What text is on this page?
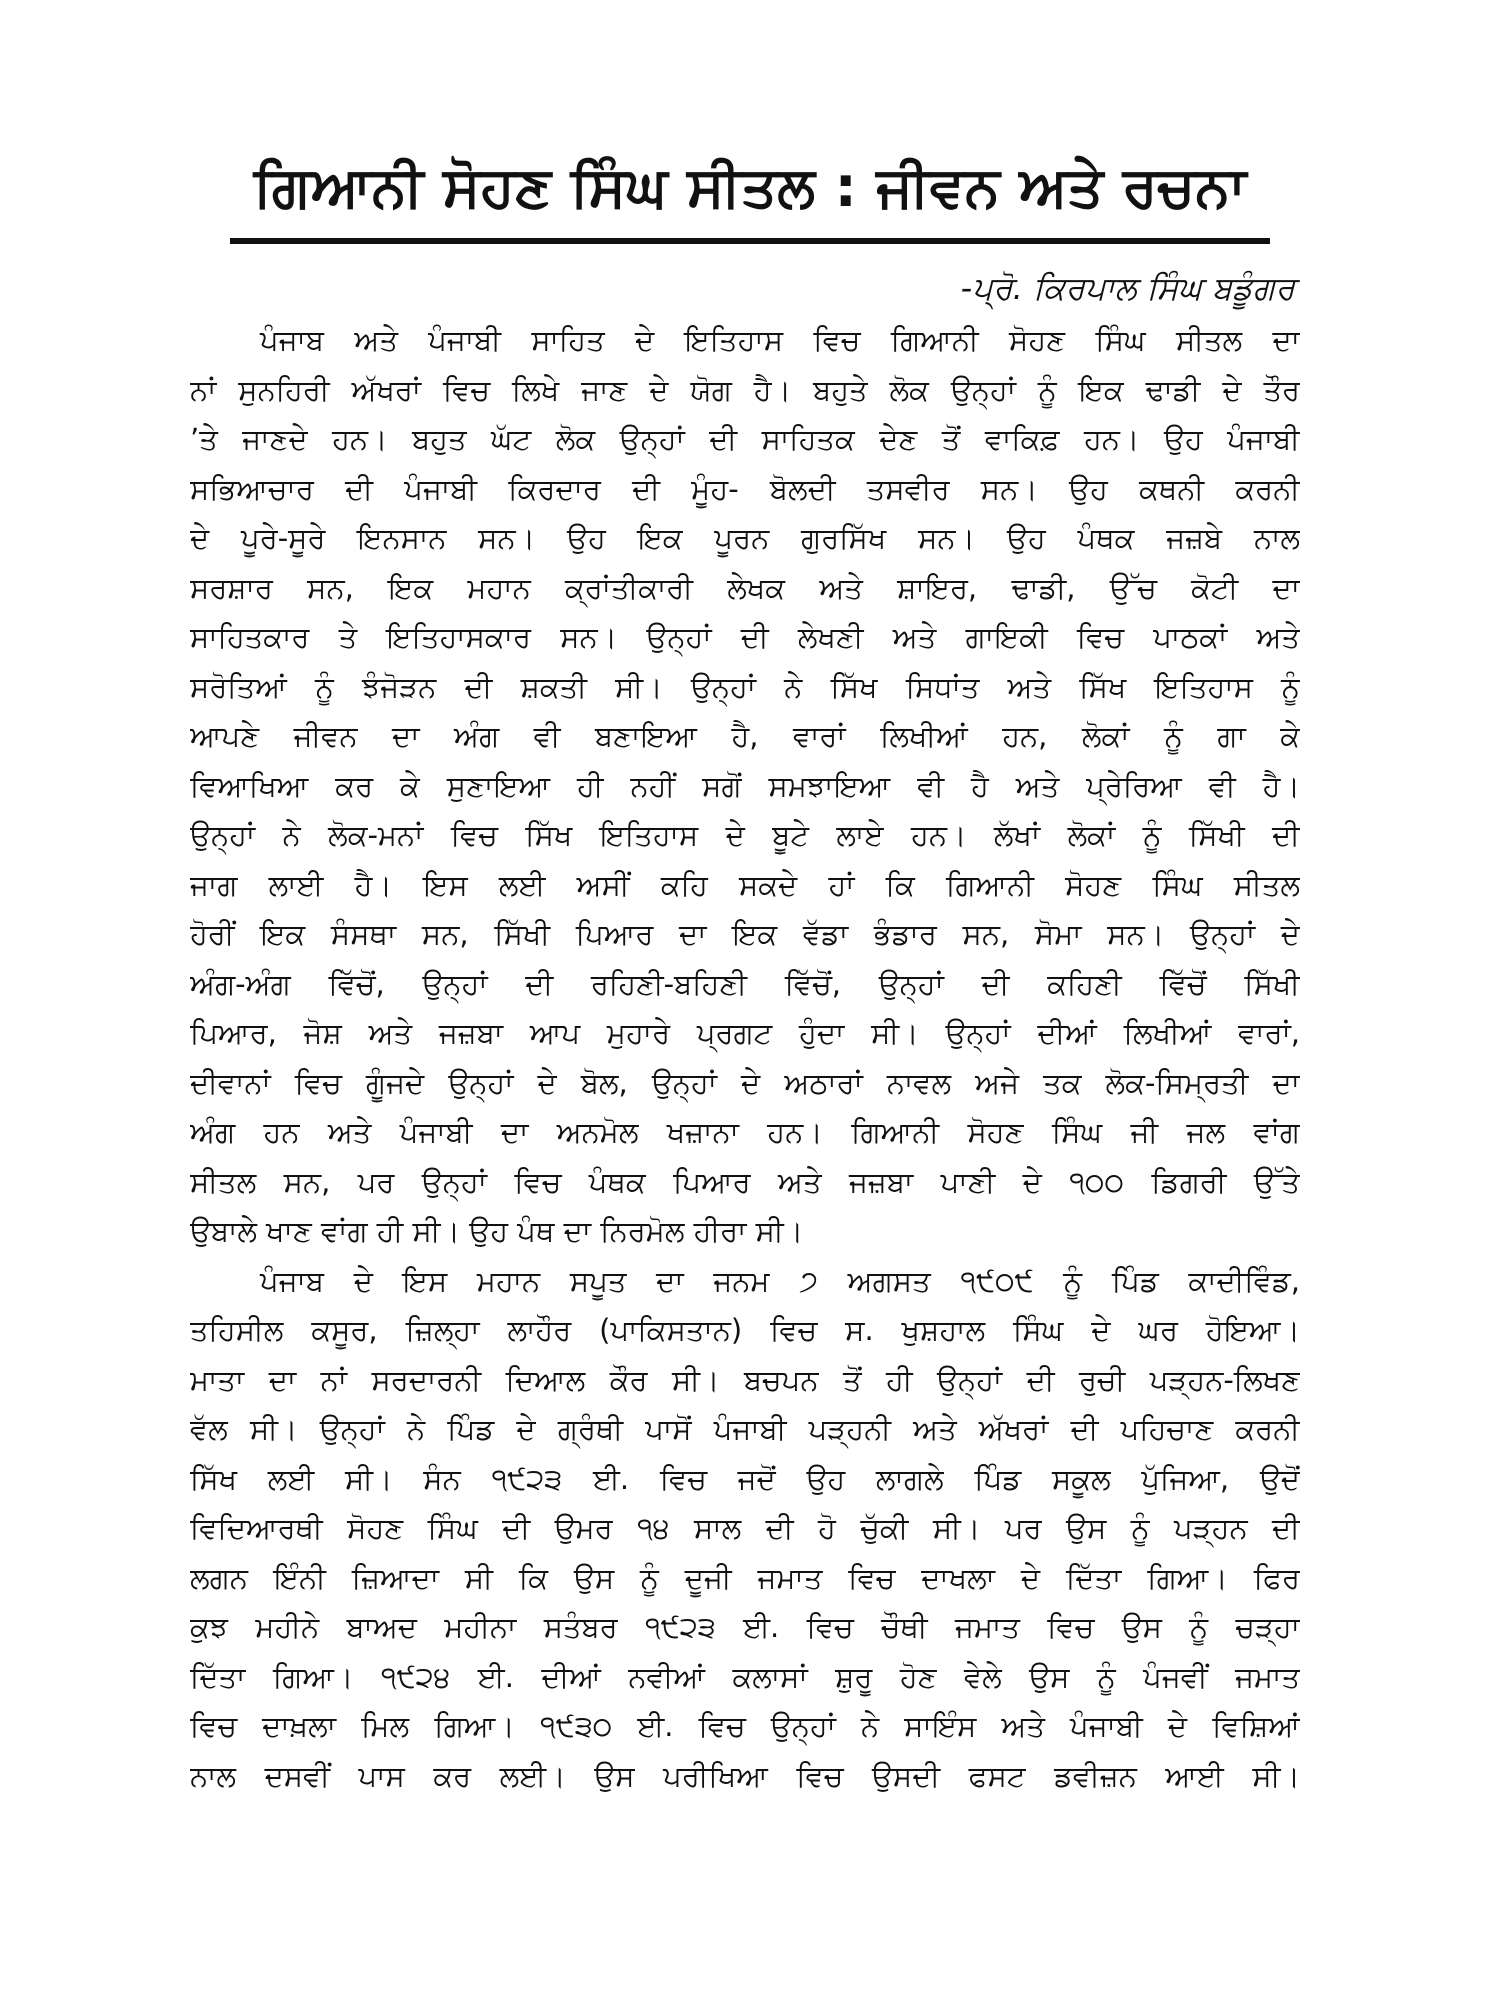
ਗਿਆਨੀ ਸੋਹਣ ਸਿੰਘ ਸੀਤਲ : ਜੀਵਨ ਅਤੇ ਰਚਨਾ
-ਪ੍ਰੋ. ਕਿਰਪਾਲ ਸਿੰਘ ਬਡੂੰਗਰ
ਪੰਜਾਬ ਅਤੇ ਪੰਜਾਬੀ ਸਾਹਿਤ ਦੇ ਇਤਿਹਾਸ ਵਿਚ ਗਿਆਨੀ ਸੋਹਣ ਸਿੰਘ ਸੀਤਲ ਦਾ
ਨਾਂ ਸੁਨਹਿਰੀ ਅੱਖਰਾਂ ਵਿਚ ਲਿਖੇ ਜਾਣ ਦੇ ਯੋਗ ਹੈ। ਬਹੁਤੇ ਲੋਕ ਉਨ੍ਹਾਂ ਨੂੰ ਇਕ ਢਾਡੀ ਦੇ ਤੌਰ
’ਤੇ ਜਾਣਦੇ ਹਨ। ਬਹੁਤ ਘੱਟ ਲੋਕ ਉਨ੍ਹਾਂ ਦੀ ਸਾਹਿਤਕ ਦੇਣ ਤੋਂ ਵਾਕਿਫ਼ ਹਨ। ਉਹ ਪੰਜਾਬੀ
ਸਭਿਆਚਾਰ ਦੀ ਪੰਜਾਬੀ ਕਿਰਦਾਰ ਦੀ ਮੂੰਹ- ਬੋਲਦੀ ਤਸਵੀਰ ਸਨ। ਉਹ ਕਥਨੀ ਕਰਨੀ
ਦੇ ਪੂਰੇ-ਸੂਰੇ ਇਨਸਾਨ ਸਨ। ਉਹ ਇਕ ਪੂਰਨ ਗੁਰਸਿੱਖ ਸਨ। ਉਹ ਪੰਥਕ ਜਜ਼ਬੇ ਨਾਲ
ਸਰਸ਼ਾਰ ਸਨ, ਇਕ ਮਹਾਨ ਕ੍ਰਾਂਤੀਕਾਰੀ ਲੇਖਕ ਅਤੇ ਸ਼ਾਇਰ, ਢਾਡੀ, ਉੱਚ ਕੋਟੀ ਦਾ
ਸਾਹਿਤਕਾਰ ਤੇ ਇਤਿਹਾਸਕਾਰ ਸਨ। ਉਨ੍ਹਾਂ ਦੀ ਲੇਖਣੀ ਅਤੇ ਗਾਇਕੀ ਵਿਚ ਪਾਠਕਾਂ ਅਤੇ
ਸਰੋਤਿਆਂ ਨੂੰ ਝੰਜੋੜਨ ਦੀ ਸ਼ਕਤੀ ਸੀ। ਉਨ੍ਹਾਂ ਨੇ ਸਿੱਖ ਸਿਧਾਂਤ ਅਤੇ ਸਿੱਖ ਇਤਿਹਾਸ ਨੂੰ
ਆਪਣੇ ਜੀਵਨ ਦਾ ਅੰਗ ਵੀ ਬਣਾਇਆ ਹੈ, ਵਾਰਾਂ ਲਿਖੀਆਂ ਹਨ, ਲੋਕਾਂ ਨੂੰ ਗਾ ਕੇ
ਵਿਆਖਿਆ ਕਰ ਕੇ ਸੁਣਾਇਆ ਹੀ ਨਹੀਂ ਸਗੋਂ ਸਮਝਾਇਆ ਵੀ ਹੈ ਅਤੇ ਪ੍ਰੇਰਿਆ ਵੀ ਹੈ।
ਉਨ੍ਹਾਂ ਨੇ ਲੋਕ-ਮਨਾਂ ਵਿਚ ਸਿੱਖ ਇਤਿਹਾਸ ਦੇ ਬੂਟੇ ਲਾਏ ਹਨ। ਲੱਖਾਂ ਲੋਕਾਂ ਨੂੰ ਸਿੱਖੀ ਦੀ
ਜਾਗ ਲਾਈ ਹੈ। ਇਸ ਲਈ ਅਸੀਂ ਕਹਿ ਸਕਦੇ ਹਾਂ ਕਿ ਗਿਆਨੀ ਸੋਹਣ ਸਿੰਘ ਸੀਤਲ
ਹੋਰੀਂ ਇਕ ਸੰਸਥਾ ਸਨ, ਸਿੱਖੀ ਪਿਆਰ ਦਾ ਇਕ ਵੱਡਾ ਭੰਡਾਰ ਸਨ, ਸੋਮਾ ਸਨ। ਉਨ੍ਹਾਂ ਦੇ
ਅੰਗ-ਅੰਗ ਵਿੱਚੋਂ, ਉਨ੍ਹਾਂ ਦੀ ਰਹਿਣੀ-ਬਹਿਣੀ ਵਿੱਚੋਂ, ਉਨ੍ਹਾਂ ਦੀ ਕਹਿਣੀ ਵਿੱਚੋਂ ਸਿੱਖੀ
ਪਿਆਰ, ਜੋਸ਼ ਅਤੇ ਜਜ਼ਬਾ ਆਪ ਮੁਹਾਰੇ ਪ੍ਰਗਟ ਹੁੰਦਾ ਸੀ। ਉਨ੍ਹਾਂ ਦੀਆਂ ਲਿਖੀਆਂ ਵਾਰਾਂ,
ਦੀਵਾਨਾਂ ਵਿਚ ਗੂੰਜਦੇ ਉਨ੍ਹਾਂ ਦੇ ਬੋਲ, ਉਨ੍ਹਾਂ ਦੇ ਅਠਾਰਾਂ ਨਾਵਲ ਅਜੇ ਤਕ ਲੋਕ-ਸਿਮ੍ਰਤੀ ਦਾ
ਅੰਗ ਹਨ ਅਤੇ ਪੰਜਾਬੀ ਦਾ ਅਨਮੋਲ ਖਜ਼ਾਨਾ ਹਨ। ਗਿਆਨੀ ਸੋਹਣ ਸਿੰਘ ਜੀ ਜਲ ਵਾਂਗ
ਸੀਤਲ ਸਨ, ਪਰ ਉਨ੍ਹਾਂ ਵਿਚ ਪੰਥਕ ਪਿਆਰ ਅਤੇ ਜਜ਼ਬਾ ਪਾਣੀ ਦੇ ੧੦੦ ਡਿਗਰੀ ਉੱਤੇ
ਉਬਾਲੇ ਖਾਣ ਵਾਂਗ ਹੀ ਸੀ। ਉਹ ਪੰਥ ਦਾ ਨਿਰਮੋਲ ਹੀਰਾ ਸੀ।
ਪੰਜਾਬ ਦੇ ਇਸ ਮਹਾਨ ਸਪੂਤ ਦਾ ਜਨਮ ੭ ਅਗਸਤ ੧੯੦੯ ਨੂੰ ਪਿੰਡ ਕਾਦੀਵਿੰਡ,
ਤਹਿਸੀਲ ਕਸੂਰ, ਜ਼ਿਲ੍ਹਾ ਲਾਹੌਰ (ਪਾਕਿਸਤਾਨ) ਵਿਚ ਸ. ਖੁਸ਼ਹਾਲ ਸਿੰਘ ਦੇ ਘਰ ਹੋਇਆ।
ਮਾਤਾ ਦਾ ਨਾਂ ਸਰਦਾਰਨੀ ਦਿਆਲ ਕੌਰ ਸੀ। ਬਚਪਨ ਤੋਂ ਹੀ ਉਨ੍ਹਾਂ ਦੀ ਰੁਚੀ ਪੜ੍ਹਨ-ਲਿਖਣ
ਵੱਲ ਸੀ। ਉਨ੍ਹਾਂ ਨੇ ਪਿੰਡ ਦੇ ਗ੍ਰੰਥੀ ਪਾਸੋਂ ਪੰਜਾਬੀ ਪੜ੍ਹਨੀ ਅਤੇ ਅੱਖਰਾਂ ਦੀ ਪਹਿਚਾਣ ਕਰਨੀ
ਸਿੱਖ ਲਈ ਸੀ। ਸੰਨ ੧੯੨੩ ਈ. ਵਿਚ ਜਦੋਂ ਉਹ ਲਾਗਲੇ ਪਿੰਡ ਸਕੂਲ ਪੁੱਜਿਆ, ਉਦੋਂ
ਵਿਦਿਆਰਥੀ ਸੋਹਣ ਸਿੰਘ ਦੀ ਉਮਰ ੧੪ ਸਾਲ ਦੀ ਹੋ ਚੁੱਕੀ ਸੀ। ਪਰ ਉਸ ਨੂੰ ਪੜ੍ਹਨ ਦੀ
ਲਗਨ ਇੰਨੀ ਜ਼ਿਆਦਾ ਸੀ ਕਿ ਉਸ ਨੂੰ ਦੂਜੀ ਜਮਾਤ ਵਿਚ ਦਾਖਲਾ ਦੇ ਦਿੱਤਾ ਗਿਆ। ਫਿਰ
ਕੁਝ ਮਹੀਨੇ ਬਾਅਦ ਮਹੀਨਾ ਸਤੰਬਰ ੧੯੨੩ ਈ. ਵਿਚ ਚੌਥੀ ਜਮਾਤ ਵਿਚ ਉਸ ਨੂੰ ਚੜ੍ਹਾ
ਦਿੱਤਾ ਗਿਆ। ੧੯੨੪ ਈ. ਦੀਆਂ ਨਵੀਆਂ ਕਲਾਸਾਂ ਸ਼ੁਰੂ ਹੋਣ ਵੇਲੇ ਉਸ ਨੂੰ ਪੰਜਵੀਂ ਜਮਾਤ
ਵਿਚ ਦਾਖ਼ਲਾ ਮਿਲ ਗਿਆ। ੧੯੩੦ ਈ. ਵਿਚ ਉਨ੍ਹਾਂ ਨੇ ਸਾਇੰਸ ਅਤੇ ਪੰਜਾਬੀ ਦੇ ਵਿਸ਼ਿਆਂ
ਨਾਲ ਦਸਵੀਂ ਪਾਸ ਕਰ ਲਈ। ਉਸ ਪਰੀਖਿਆ ਵਿਚ ਉਸਦੀ ਫਸਟ ਡਵੀਜ਼ਨ ਆਈ ਸੀ।
